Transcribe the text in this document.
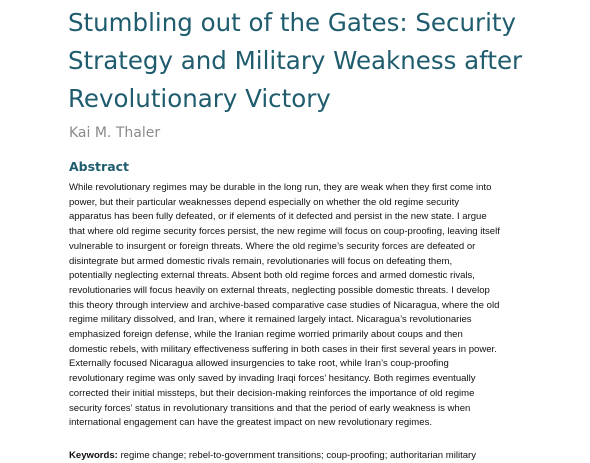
Stumbling out of the Gates: Security
Strategy and Military Weakness after
Revolutionary Victory
Kai M. Thaler
Abstract

While revolutionary regimes may be durable in the long run, they are weak when they first come into
power, but their particular weaknesses depend especially on whether the old regime security
apparatus has been fully defeated, or if elements of it defected and persist in the new state. I argue
that where old regime security forces persist, the new regime will focus on coup-proofing, leaving itself
vulnerable to insurgent or foreign threats. Where the old regime’s security forces are defeated or
disintegrate but armed domestic rivals remain, revolutionaries will focus on defeating them,
potentially neglecting external threats. Absent both old regime forces and armed domestic rivals,
revolutionaries will focus heavily on external threats, neglecting possible domestic threats. I develop
this theory through interview and archive-based comparative case studies of Nicaragua, where the old
regime military dissolved, and Iran, where it remained largely intact. Nicaragua’s revolutionaries
emphasized foreign defense, while the Iranian regime worried primarily about coups and then
domestic rebels, with military effectiveness suffering in both cases in their first several years in power.
Externally focused Nicaragua allowed insurgencies to take root, while Iran’s coup-proofing
revolutionary regime was only saved by invading Iraqi forces’ hesitancy. Both regimes eventually
corrected their initial missteps, but their decision-making reinforces the importance of old regime
security forces’ status in revolutionary transitions and that the period of early weakness is when
international engagement can have the greatest impact on new revolutionary regimes.

Keywords: regime change; rebel-to-government transitions; coup-proofing; authoritarian military
